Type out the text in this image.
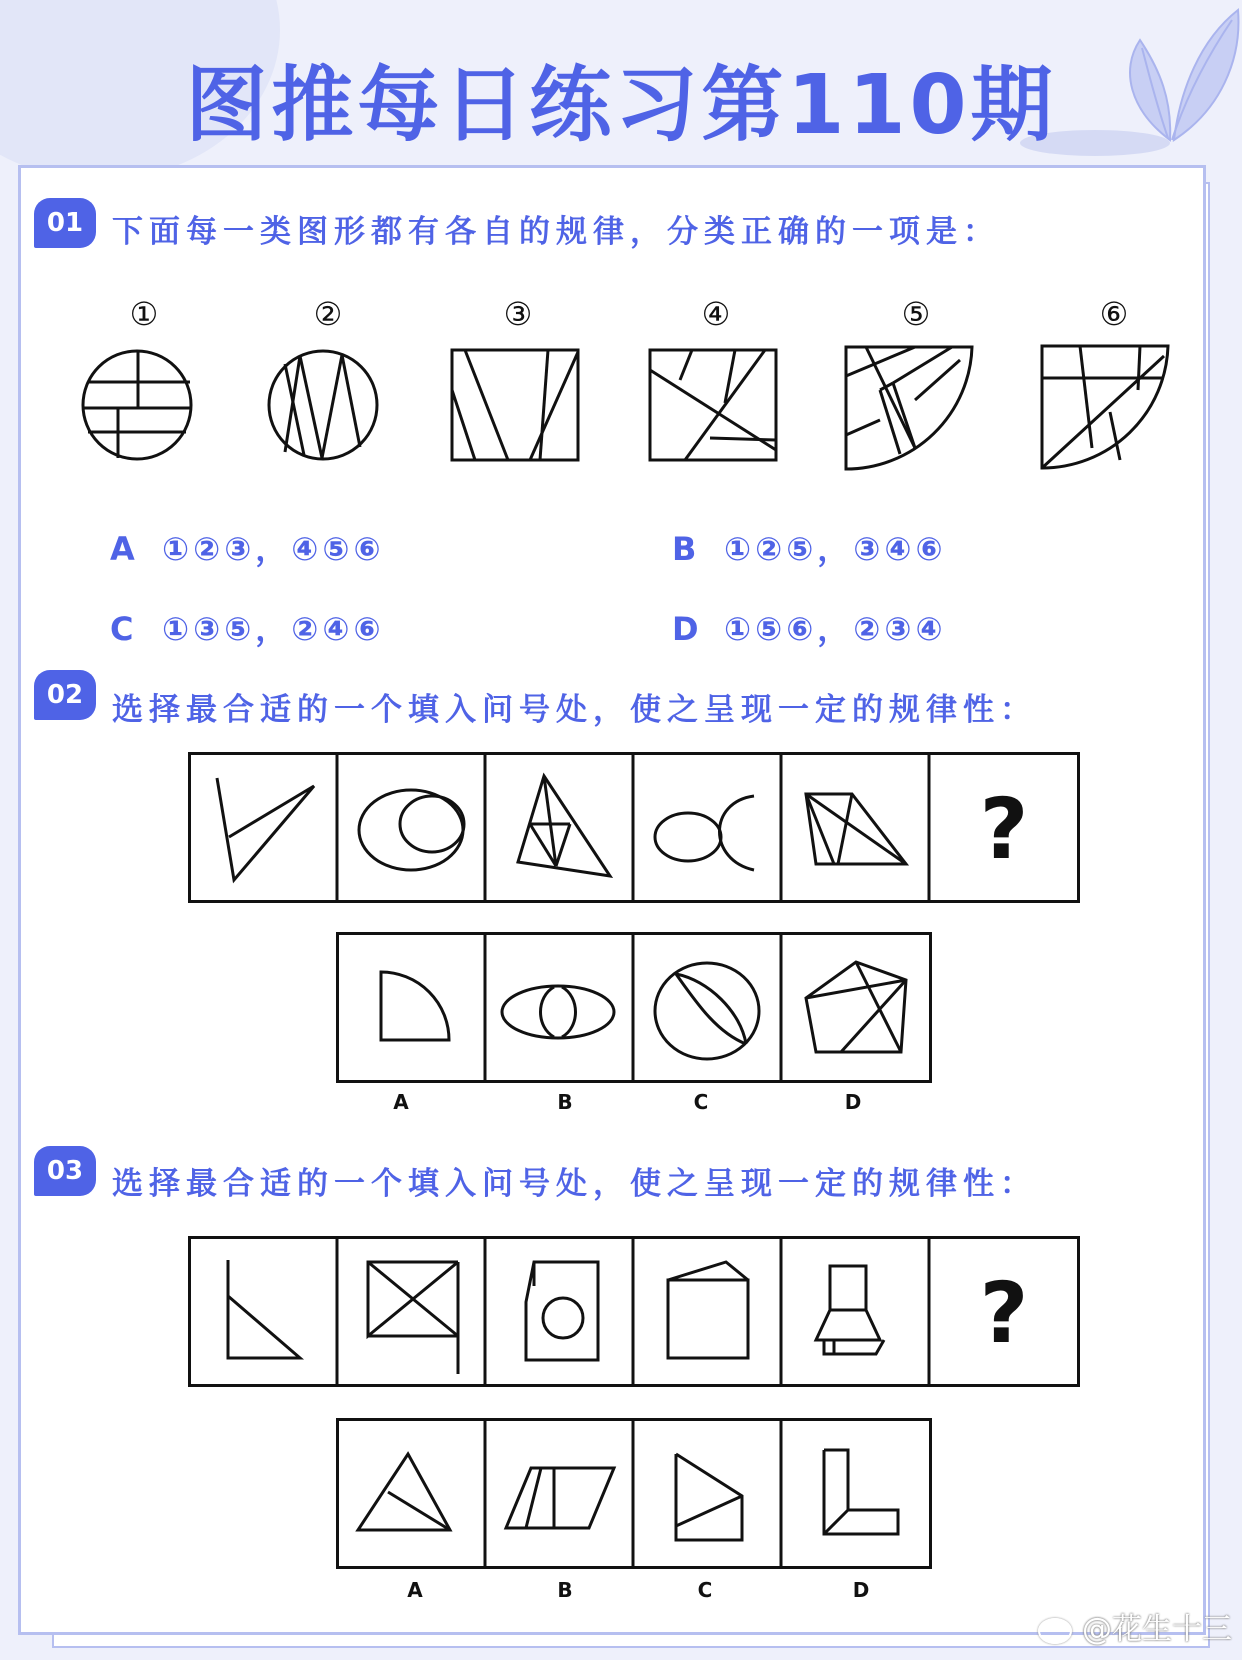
图推每日练习第110期
01 下面每一类图形都有各自的规律，分类正确的一项是：
①	②	③	④	⑤	⑥
A ①②③，④⑤⑥	B ①②⑤，③④⑥
C ①③⑤，②④⑥	D ①⑤⑥，②③④
02 选择最合适的一个填入问号处，使之呈现一定的规律性：
?
A	B	C	D
03 选择最合适的一个填入问号处，使之呈现一定的规律性：
?
A	B	C	D
@花生十三
